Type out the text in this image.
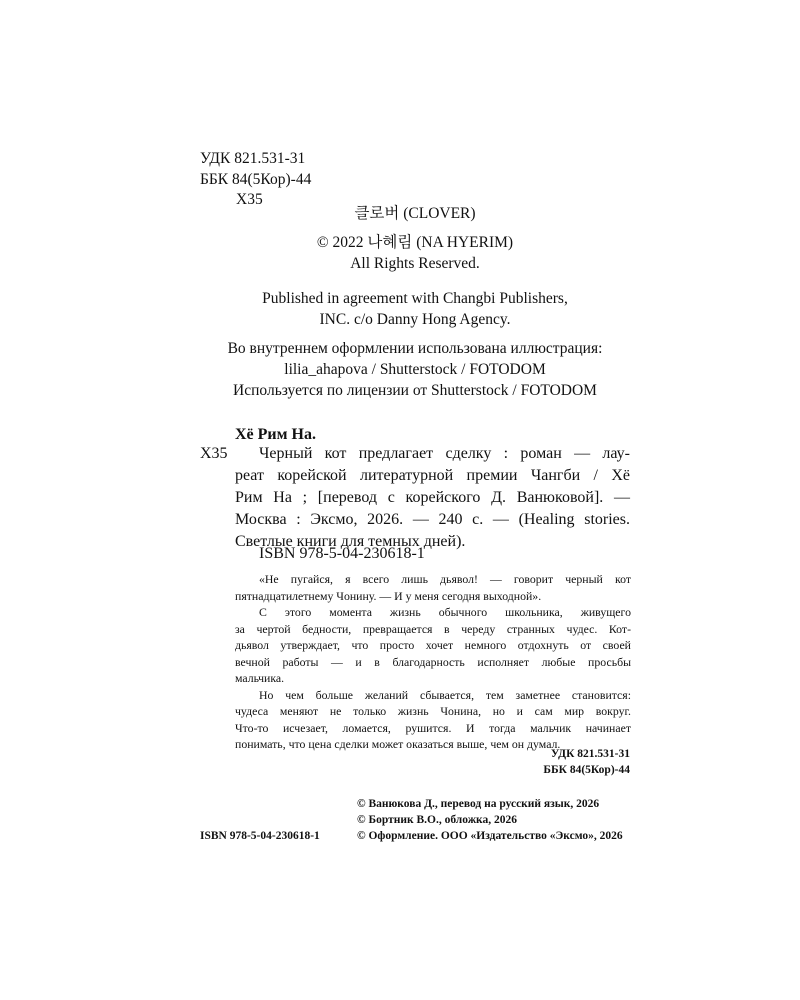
УДК 821.531-31
ББК 84(5Кор)-44
Х35
클로버 (CLOVER)
© 2022 나혜림 (NA HYERIM)
All Rights Reserved.
Published in agreement with Changbi Publishers,
INC. c/o Danny Hong Agency.
Во внутреннем оформлении использована иллюстрация:
lilia_ahapova / Shutterstock / FOTODOM
Используется по лицензии от Shutterstock / FOTODOM
Хё Рим На.
Х35	Черный кот предлагает сделку : роман — лау-
реат корейской литературной премии Чангби / Хё
Рим На ; [перевод с корейского Д. Ванюковой]. —
Москва : Эксмо, 2026. — 240 с. — (Healing stories.
Светлые книги для темных дней).
ISBN 978-5-04-230618-1
«Не пугайся, я всего лишь дьявол! — говорит черный кот
пятнадцатилетнему Чонину. — И у меня сегодня выходной».
С этого момента жизнь обычного школьника, живущего
за чертой бедности, превращается в череду странных чудес. Кот-
дьявол утверждает, что просто хочет немного отдохнуть от своей
вечной работы — и в благодарность исполняет любые просьбы
мальчика.
Но чем больше желаний сбывается, тем заметнее становится:
чудеса меняют не только жизнь Чонина, но и сам мир вокруг.
Что-то исчезает, ломается, рушится. И тогда мальчик начинает
понимать, что цена сделки может оказаться выше, чем он думал.
УДК 821.531-31
ББК 84(5Кор)-44
ISBN 978-5-04-230618-1
© Ванюкова Д., перевод на русский язык, 2026
© Бортник В.О., обложка, 2026
© Оформление. ООО «Издательство «Эксмо», 2026
